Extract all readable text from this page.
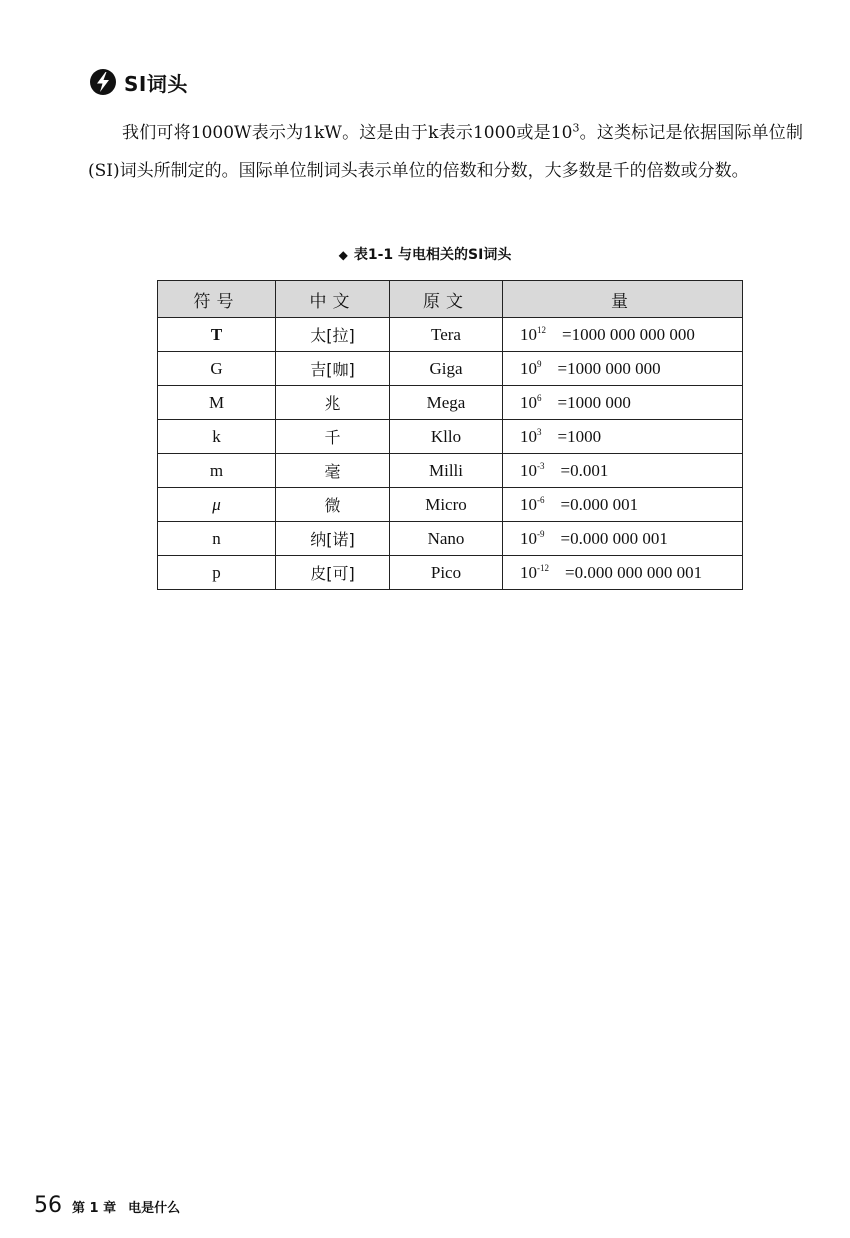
SI词头

我们可将1000W表示为1kW。这是由于k表示1000或是$10^3$。这类标记是依据国际单位制(SI)词头所制定的。国际单位制词头表示单位的倍数和分数，大多数是千的倍数或分数。

◆ 表1-1 与电相关的SI词头
符号	中文	原文	量
T	太[拉]	Tera	$10^{12} =1000$ 000 000 000
G	吉[咖]	Giga	$10^9 =1000$ 000 000
M	兆	Mega	$10^6 =1000$ 000
k	千	Kllo	$10^3 =1000$
m	毫	Milli	$10^{-3} =0.001$
μ	微	Micro	$10^{-6} =0.000$ 001
n	纳[诺]	Nano	$10^{-9} =0.000$ 000 001
p	皮[可]	Pico	$10^{-12} =0.000$ 000 000 001
56 第 1 章 电是什么
